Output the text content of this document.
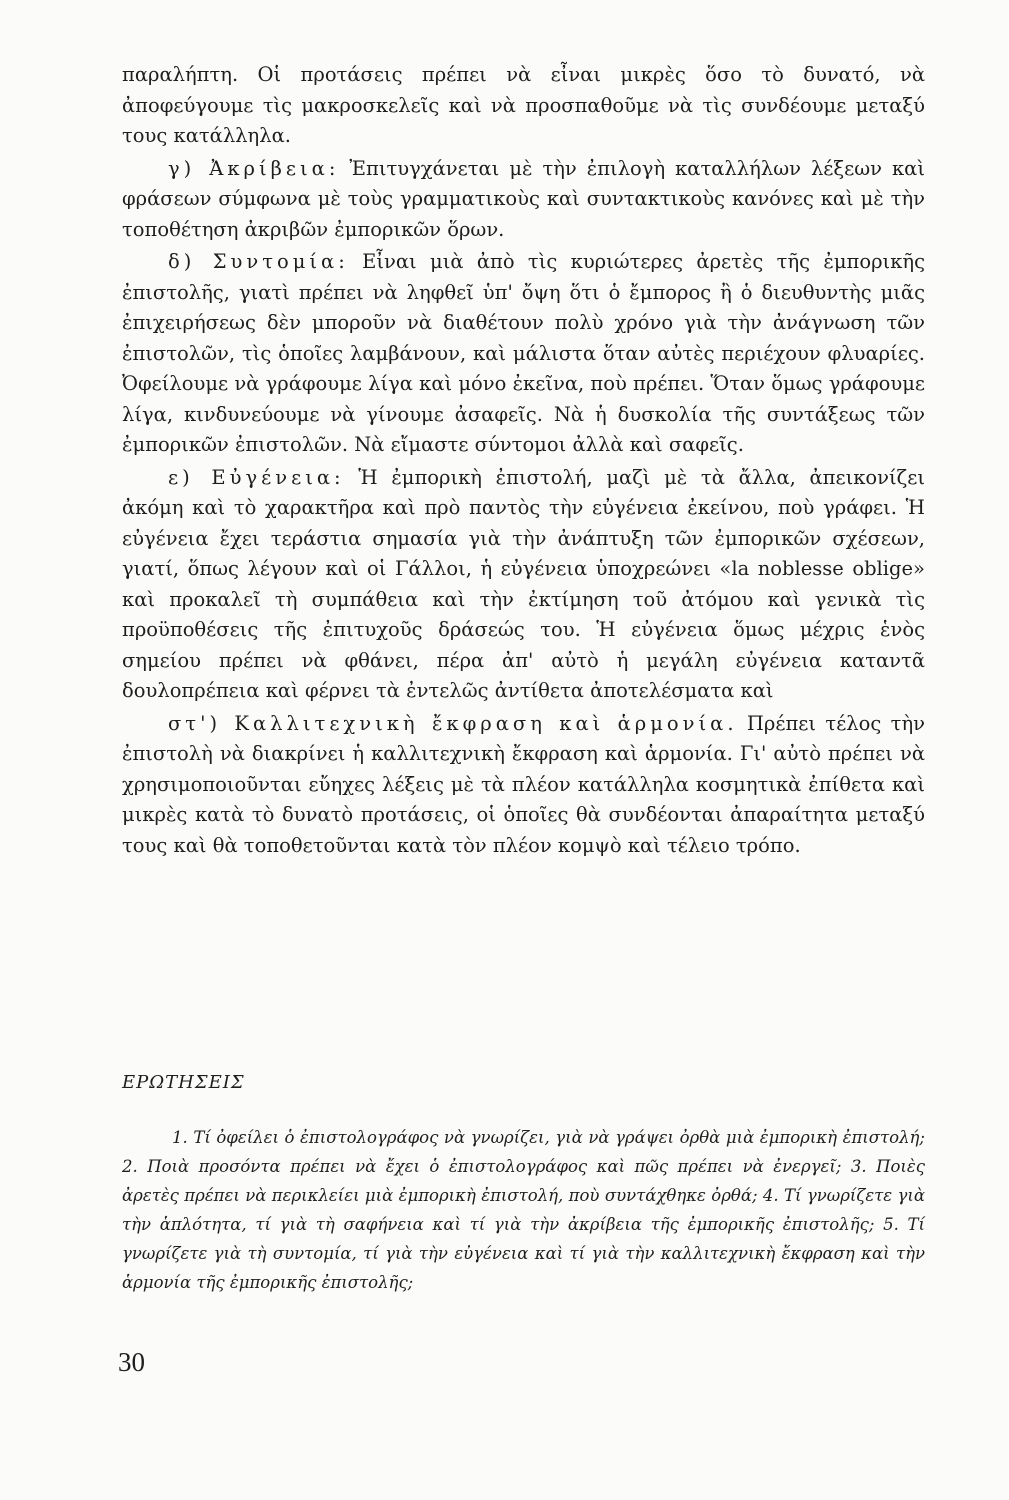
παραλήπτη. Οἱ προτάσεις πρέπει νὰ εἶναι μικρὲς ὅσο τὸ δυνατό, νὰ ἀποφεύγουμε τὶς μακροσκελεῖς καὶ νὰ προσπαθοῦμε νὰ τὶς συνδέουμε μεταξύ τους κατάλληλα.

γ) Ἀκρίβεια: Ἐπιτυγχάνεται μὲ τὴν ἐπιλογὴ καταλλήλων λέξεων καὶ φράσεων σύμφωνα μὲ τοὺς γραμματικοὺς καὶ συντακτικοὺς κανόνες καὶ μὲ τὴν τοποθέτηση ἀκριβῶν ἐμπορικῶν ὅρων.

δ) Συντομία: Εἶναι μιὰ ἀπὸ τὶς κυριώτερες ἀρετὲς τῆς ἐμπορικῆς ἐπιστολῆς, γιατὶ πρέπει νὰ ληφθεῖ ὑπ' ὄψη ὅτι ὁ ἔμπορος ἢ ὁ διευθυντὴς μιᾶς ἐπιχειρήσεως δὲν μποροῦν νὰ διαθέτουν πολὺ χρόνο γιὰ τὴν ἀνάγνωση τῶν ἐπιστολῶν, τὶς ὁποῖες λαμβάνουν, καὶ μάλιστα ὅταν αὐτὲς περιέχουν φλυαρίες. Ὀφείλουμε νὰ γράφουμε λίγα καὶ μόνο ἐκεῖνα, ποὺ πρέπει. Ὅταν ὅμως γράφουμε λίγα, κινδυνεύουμε νὰ γίνουμε ἀσαφεῖς. Νὰ ἡ δυσκολία τῆς συντάξεως τῶν ἐμπορικῶν ἐπιστολῶν. Νὰ εἴμαστε σύντομοι ἀλλὰ καὶ σαφεῖς.

ε) Εὐγένεια: Ἡ ἐμπορικὴ ἐπιστολή, μαζὶ μὲ τὰ ἄλλα, ἀπεικονίζει ἀκόμη καὶ τὸ χαρακτῆρα καὶ πρὸ παντὸς τὴν εὐγένεια ἐκείνου, ποὺ γράφει. Ἡ εὐγένεια ἔχει τεράστια σημασία γιὰ τὴν ἀνάπτυξη τῶν ἐμπορικῶν σχέσεων, γιατί, ὅπως λέγουν καὶ οἱ Γάλλοι, ἡ εὐγένεια ὑποχρεώνει «la noblesse oblige» καὶ προκαλεῖ τὴ συμπάθεια καὶ τὴν ἐκτίμηση τοῦ ἀτόμου καὶ γενικὰ τὶς προϋποθέσεις τῆς ἐπιτυχοῦς δράσεώς του. Ἡ εὐγένεια ὅμως μέχρις ἑνὸς σημείου πρέπει νὰ φθάνει, πέρα ἀπ' αὐτὸ ἡ μεγάλη εὐγένεια καταντᾶ δουλοπρέπεια καὶ φέρνει τὰ ἐντελῶς ἀντίθετα ἀποτελέσματα καὶ

στ') Καλλιτεχνικὴ ἔκφραση καὶ ἁρμονία. Πρέπει τέλος τὴν ἐπιστολὴ νὰ διακρίνει ἡ καλλιτεχνικὴ ἔκφραση καὶ ἁρμονία. Γι' αὐτὸ πρέπει νὰ χρησιμοποιοῦνται εὔηχες λέξεις μὲ τὰ πλέον κατάλληλα κοσμητικὰ ἐπίθετα καὶ μικρὲς κατὰ τὸ δυνατὸ προτάσεις, οἱ ὁποῖες θὰ συνδέονται ἀπαραίτητα μεταξύ τους καὶ θὰ τοποθετοῦνται κατὰ τὸν πλέον κομψὸ καὶ τέλειο τρόπο.

ΕΡΩΤΗΣΕΙΣ

1. Τί ὀφείλει ὁ ἐπιστολογράφος νὰ γνωρίζει, γιὰ νὰ γράψει ὀρθὰ μιὰ ἐμπορικὴ ἐπιστολή; 2. Ποιὰ προσόντα πρέπει νὰ ἔχει ὁ ἐπιστολογράφος καὶ πῶς πρέπει νὰ ἐνεργεῖ; 3. Ποιὲς ἀρετὲς πρέπει νὰ περικλείει μιὰ ἐμπορικὴ ἐπιστολή, ποὺ συντάχθηκε ὀρθά; 4. Τί γνωρίζετε γιὰ τὴν ἁπλότητα, τί γιὰ τὴ σαφήνεια καὶ τί γιὰ τὴν ἀκρίβεια τῆς ἐμπορικῆς ἐπιστολῆς; 5. Τί γνωρίζετε γιὰ τὴ συντομία, τί γιὰ τὴν εὐγένεια καὶ τί γιὰ τὴν καλλιτεχνικὴ ἔκφραση καὶ τὴν ἁρμονία τῆς ἐμπορικῆς ἐπιστολῆς;

30
